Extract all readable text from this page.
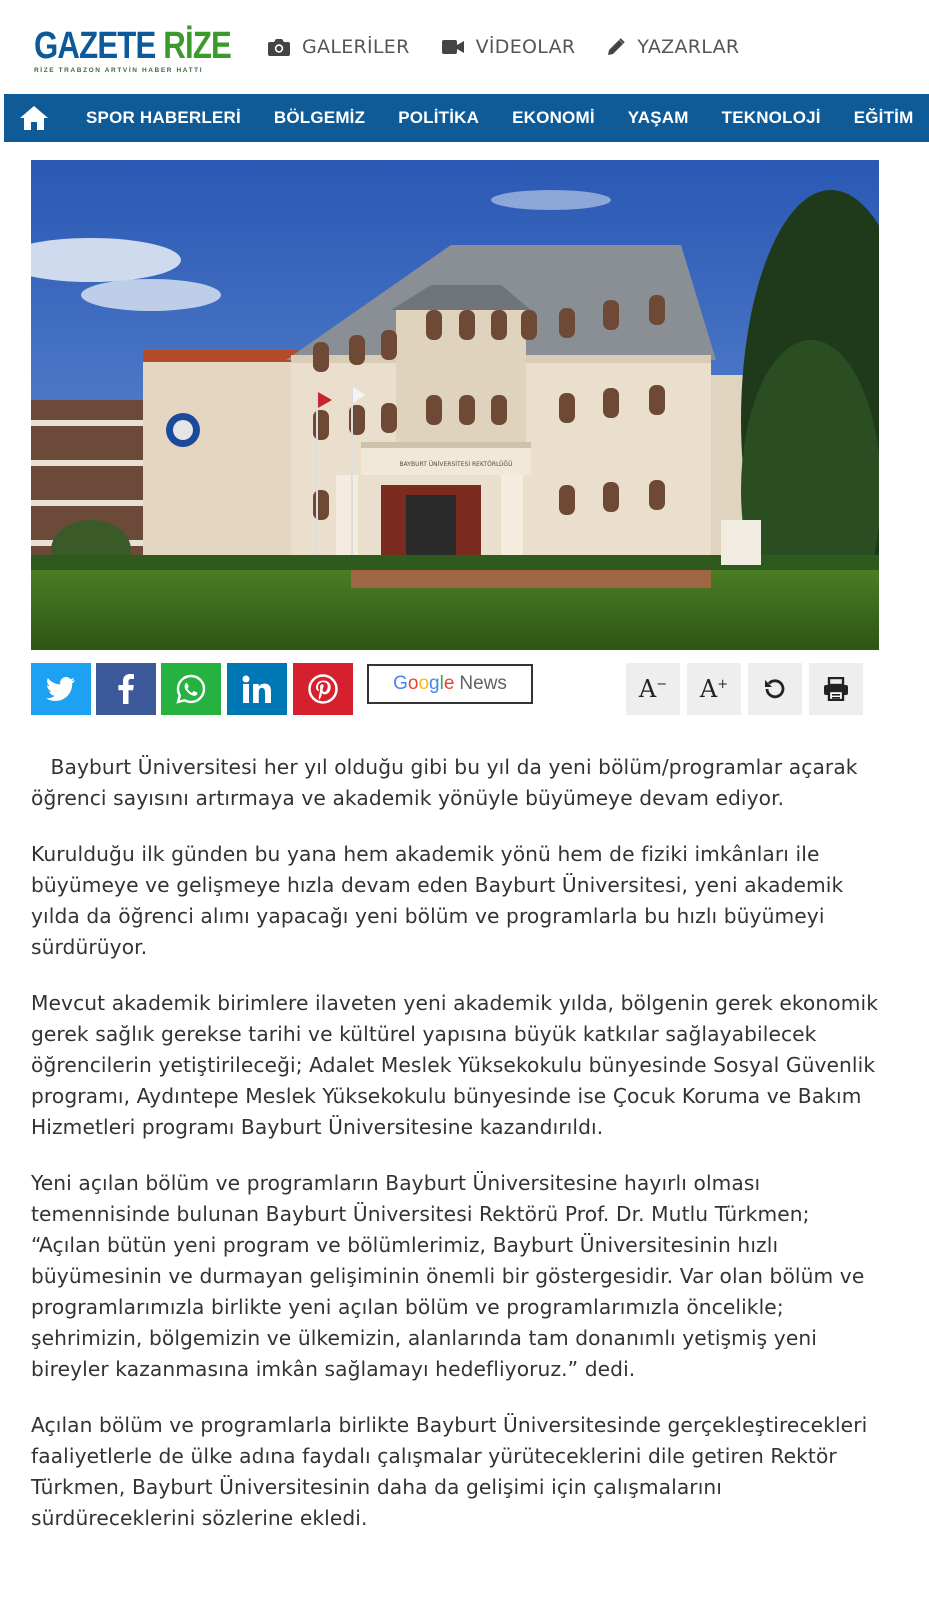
GAZETE RİZE
RİZE TRABZON ARTVİN HABER HATTI
GALERİLER	VİDEOLAR	YAZARLAR
SPOR HABERLERİ BÖLGEMİZ POLİTİKA EKONOMİ YAŞAM TEKNOLOJİ EĞİTİM
BAYBURT ÜNİVERSİTESİ REKTÖRLÜĞÜ
Google News	A− A+

Bayburt Üniversitesi her yıl olduğu gibi bu yıl da yeni bölüm/programlar açarak öğrenci sayısını artırmaya ve akademik yönüyle büyümeye devam ediyor.

Kurulduğu ilk günden bu yana hem akademik yönü hem de fiziki imkânları ile büyümeye ve gelişmeye hızla devam eden Bayburt Üniversitesi, yeni akademik yılda da öğrenci alımı yapacağı yeni bölüm ve programlarla bu hızlı büyümeyi sürdürüyor.

Mevcut akademik birimlere ilaveten yeni akademik yılda, bölgenin gerek ekonomik gerek sağlık gerekse tarihi ve kültürel yapısına büyük katkılar sağlayabilecek öğrencilerin yetiştirileceği; Adalet Meslek Yüksekokulu bünyesinde Sosyal Güvenlik programı, Aydıntepe Meslek Yüksekokulu bünyesinde ise Çocuk Koruma ve Bakım Hizmetleri programı Bayburt Üniversitesine kazandırıldı.

Yeni açılan bölüm ve programların Bayburt Üniversitesine hayırlı olması temennisinde bulunan Bayburt Üniversitesi Rektörü Prof. Dr. Mutlu Türkmen; “Açılan bütün yeni program ve bölümlerimiz, Bayburt Üniversitesinin hızlı büyümesinin ve durmayan gelişiminin önemli bir göstergesidir. Var olan bölüm ve programlarımızla birlikte yeni açılan bölüm ve programlarımızla öncelikle; şehrimizin, bölgemizin ve ülkemizin, alanlarında tam donanımlı yetişmiş yeni bireyler kazanmasına imkân sağlamayı hedefliyoruz.” dedi.

Açılan bölüm ve programlarla birlikte Bayburt Üniversitesinde gerçekleştirecekleri faaliyetlerle de ülke adına faydalı çalışmalar yürüteceklerini dile getiren Rektör Türkmen, Bayburt Üniversitesinin daha da gelişimi için çalışmalarını sürdüreceklerini sözlerine ekledi.
